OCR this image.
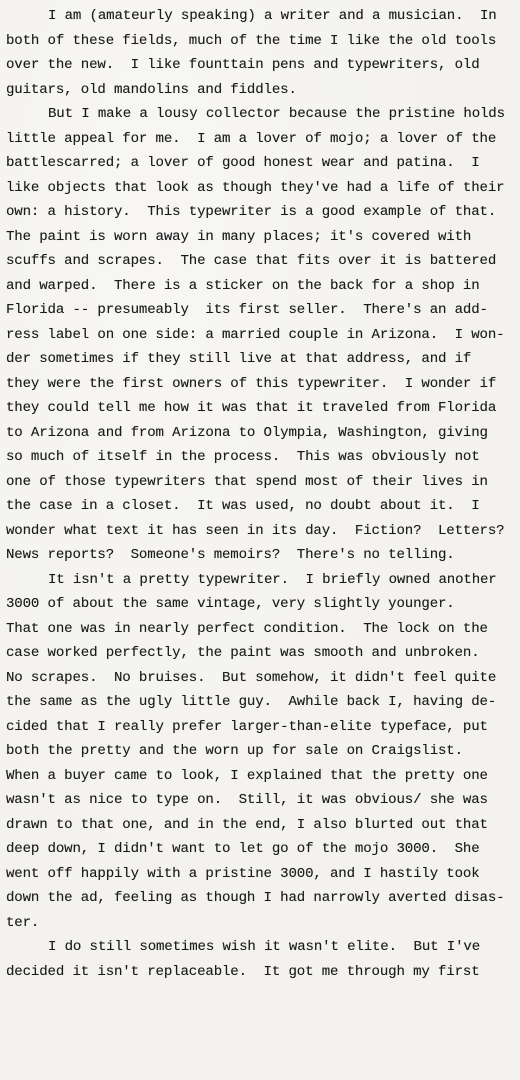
I am (amateurly speaking) a writer and a musician.  In
both of these fields, much of the time I like the old tools
over the new.  I like founttain pens and typewriters, old
guitars, old mandolins and fiddles.
But I make a lousy collector because the pristine holds
little appeal for me.  I am a lover of mojo; a lover of the
battlescarred; a lover of good honest wear and patina.  I
like objects that look as though they've had a life of their
own: a history.  This typewriter is a good example of that.
The paint is worn away in many places; it's covered with
scuffs and scrapes.  The case that fits over it is battered
and warped.  There is a sticker on the back for a shop in
Florida -- presumeably  its first seller.  There's an add-
ress label on one side: a married couple in Arizona.  I won-
der sometimes if they still live at that address, and if
they were the first owners of this typewriter.  I wonder if
they could tell me how it was that it traveled from Florida
to Arizona and from Arizona to Olympia, Washington, giving
so much of itself in the process.  This was obviously not
one of those typewriters that spend most of their lives in
the case in a closet.  It was used, no doubt about it.  I
wonder what text it has seen in its day.  Fiction?  Letters?
News reports?  Someone's memoirs?  There's no telling.
It isn't a pretty typewriter.  I briefly owned another
3000 of about the same vintage, very slightly younger.
That one was in nearly perfect condition.  The lock on the
case worked perfectly, the paint was smooth and unbroken.
No scrapes.  No bruises.  But somehow, it didn't feel quite
the same as the ugly little guy.  Awhile back I, having de-
cided that I really prefer larger-than-elite typeface, put
both the pretty and the worn up for sale on Craigslist.
When a buyer came to look, I explained that the pretty one
wasn't as nice to type on.  Still, it was obvious/ she was
drawn to that one, and in the end, I also blurted out that
deep down, I didn't want to let go of the mojo 3000.  She
went off happily with a pristine 3000, and I hastily took
down the ad, feeling as though I had narrowly averted disas-
ter.
I do still sometimes wish it wasn't elite.  But I've
decided it isn't replaceable.  It got me through my first
